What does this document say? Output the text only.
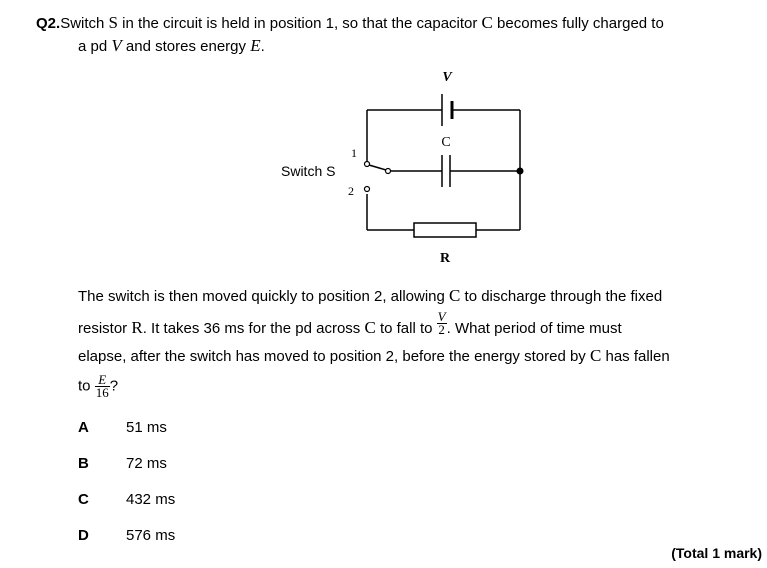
Q2.Switch S in the circuit is held in position 1, so that the capacitor C becomes fully charged to
a pd V and stores energy E.
V
C
R
1
2
Switch S
The switch is then moved quickly to position 2, allowing C to discharge through the fixed
resistor R. It takes 36 ms for the pd across C to fall to $\frac{V}{2}$ . What period of time must
elapse, after the switch has moved to position 2, before the energy stored by C has fallen
to $\frac{E}{16}$ ?
A 51 ms
B 72 ms
C 432 ms
D 576 ms
(Total 1 mark)
